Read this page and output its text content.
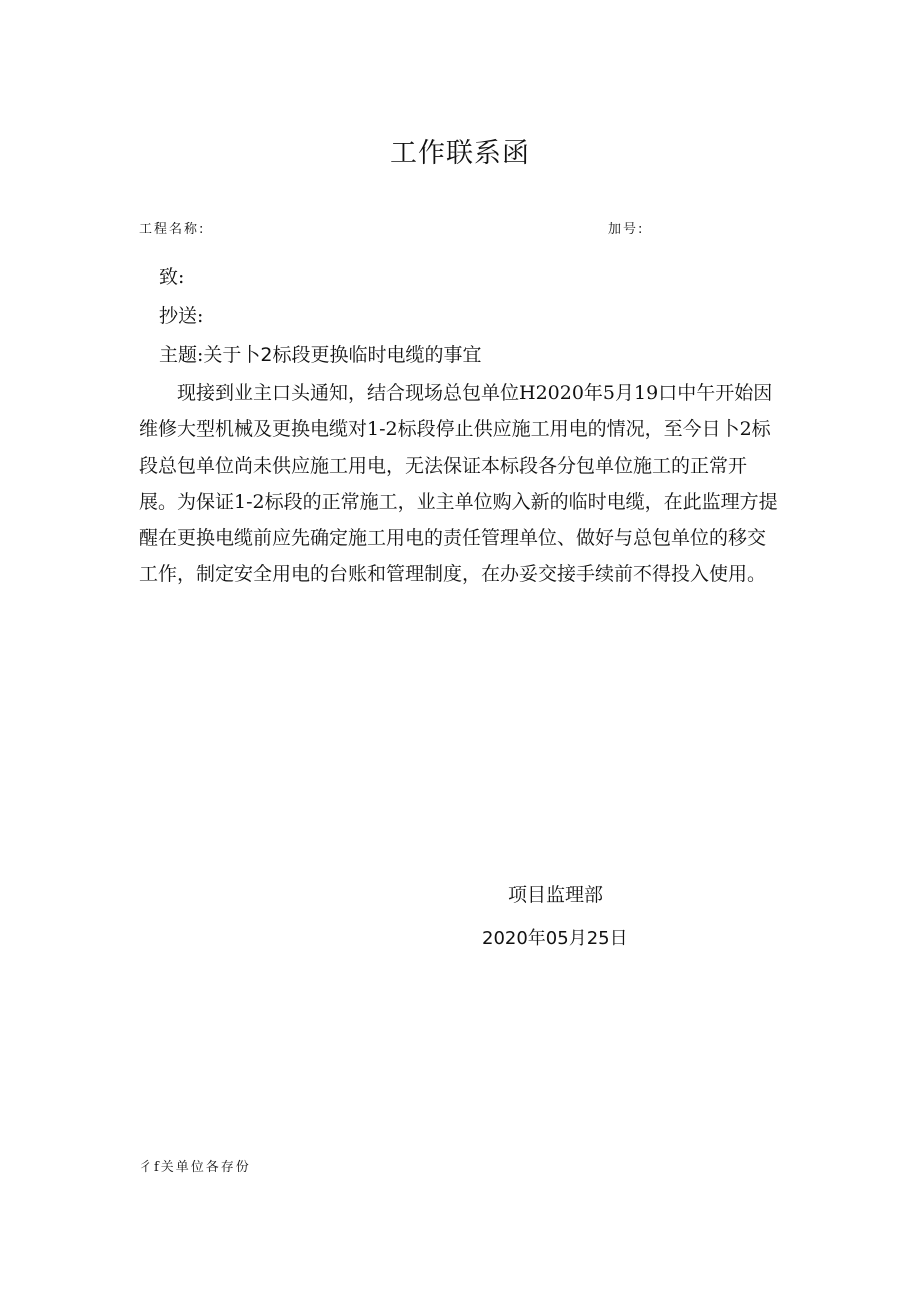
工作联系函
工程名称:	加号:
致:
抄送:
主题:关于卜2标段更换临时电缆的事宜

现接到业主口头通知，结合现场总包单位H2020年5月19口中午开始因维修大型机械及更换电缆对1-2标段停止供应施工用电的情况，至今日卜2标段总包单位尚未供应施工用电，无法保证本标段各分包单位施工的正常开展。为保证1-2标段的正常施工，业主单位购入新的临时电缆，在此监理方提醒在更换电缆前应先确定施工用电的责任管理单位、做好与总包单位的移交工作，制定安全用电的台账和管理制度，在办妥交接手续前不得投入使用。

项目监理部
2020年05月25日
彳f关单位各存份
